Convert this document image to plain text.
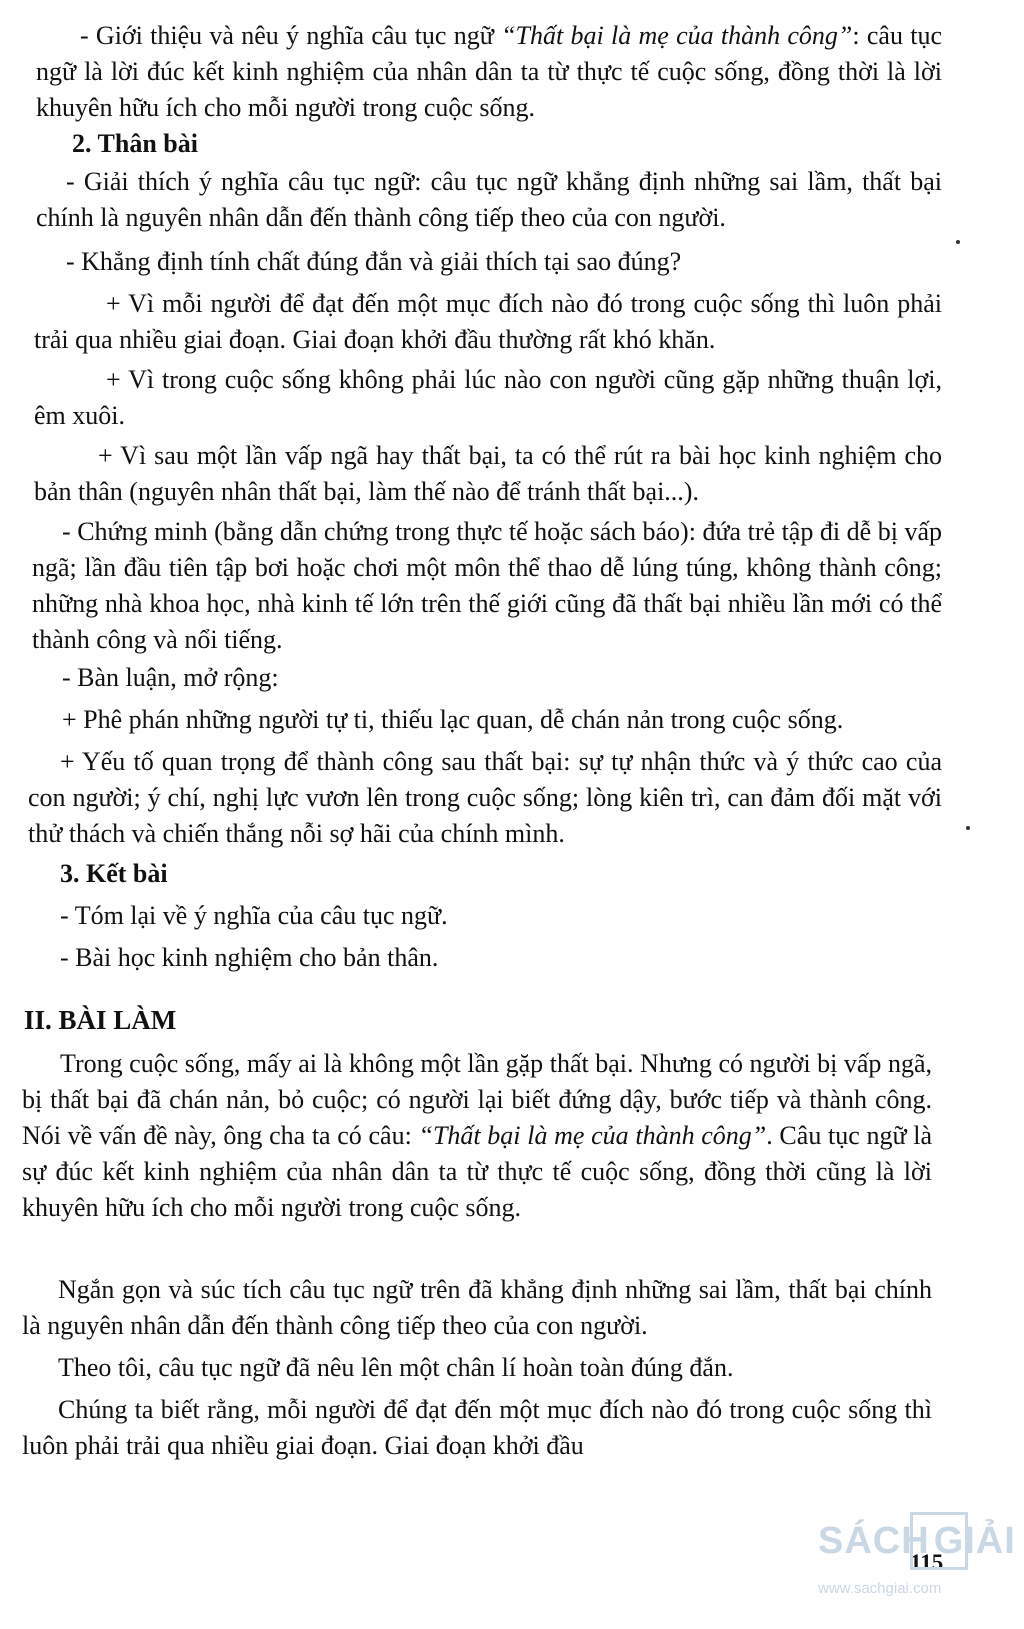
- Giới thiệu và nêu ý nghĩa câu tục ngữ “Thất bại là mẹ của thành công”: câu tục ngữ là lời đúc kết kinh nghiệm của nhân dân ta từ thực tế cuộc sống, đồng thời là lời khuyên hữu ích cho mỗi người trong cuộc sống.

2. Thân bài

- Giải thích ý nghĩa câu tục ngữ: câu tục ngữ khẳng định những sai lầm, thất bại chính là nguyên nhân dẫn đến thành công tiếp theo của con người.

- Khẳng định tính chất đúng đắn và giải thích tại sao đúng?

+ Vì mỗi người để đạt đến một mục đích nào đó trong cuộc sống thì luôn phải trải qua nhiều giai đoạn. Giai đoạn khởi đầu thường rất khó khăn.

+ Vì trong cuộc sống không phải lúc nào con người cũng gặp những thuận lợi, êm xuôi.

+ Vì sau một lần vấp ngã hay thất bại, ta có thể rút ra bài học kinh nghiệm cho bản thân (nguyên nhân thất bại, làm thế nào để tránh thất bại...).

- Chứng minh (bằng dẫn chứng trong thực tế hoặc sách báo): đứa trẻ tập đi dễ bị vấp ngã; lần đầu tiên tập bơi hoặc chơi một môn thể thao dễ lúng túng, không thành công; những nhà khoa học, nhà kinh tế lớn trên thế giới cũng đã thất bại nhiều lần mới có thể thành công và nổi tiếng.

- Bàn luận, mở rộng:

+ Phê phán những người tự ti, thiếu lạc quan, dễ chán nản trong cuộc sống.

+ Yếu tố quan trọng để thành công sau thất bại: sự tự nhận thức và ý thức cao của con người; ý chí, nghị lực vươn lên trong cuộc sống; lòng kiên trì, can đảm đối mặt với thử thách và chiến thắng nỗi sợ hãi của chính mình.

3. Kết bài

- Tóm lại về ý nghĩa của câu tục ngữ.

- Bài học kinh nghiệm cho bản thân.

II. BÀI LÀM

Trong cuộc sống, mấy ai là không một lần gặp thất bại. Nhưng có người bị vấp ngã, bị thất bại đã chán nản, bỏ cuộc; có người lại biết đứng dậy, bước tiếp và thành công. Nói về vấn đề này, ông cha ta có câu: “Thất bại là mẹ của thành công”. Câu tục ngữ là sự đúc kết kinh nghiệm của nhân dân ta từ thực tế cuộc sống, đồng thời cũng là lời khuyên hữu ích cho mỗi người trong cuộc sống.

Ngắn gọn và súc tích câu tục ngữ trên đã khẳng định những sai lầm, thất bại chính là nguyên nhân dẫn đến thành công tiếp theo của con người.

Theo tôi, câu tục ngữ đã nêu lên một chân lí hoàn toàn đúng đắn.

Chúng ta biết rằng, mỗi người để đạt đến một mục đích nào đó trong cuộc sống thì luôn phải trải qua nhiều giai đoạn. Giai đoạn khởi đầu

115
SÁCH GIẢI
www.sachgiai.com
